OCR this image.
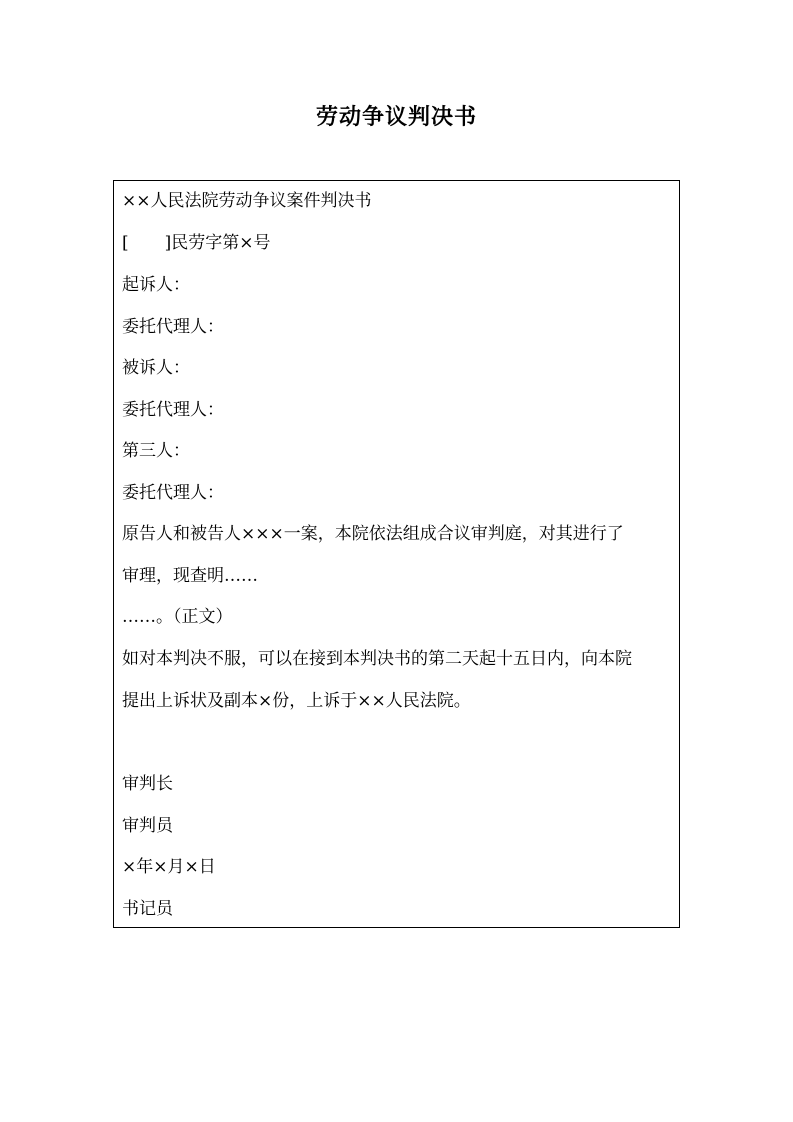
劳动争议判决书
××人民法院劳动争议案件判决书
[ ]民劳字第×号
起诉人：
委托代理人：
被诉人：
委托代理人：
第三人：
委托代理人：
原告人和被告人×××一案，本院依法组成合议审判庭，对其进行了
审理，现查明……
……。（正文）
如对本判决不服，可以在接到本判决书的第二天起十五日内，向本院
提出上诉状及副本×份，上诉于××人民法院。
审判长
审判员
×年×月×日
书记员
